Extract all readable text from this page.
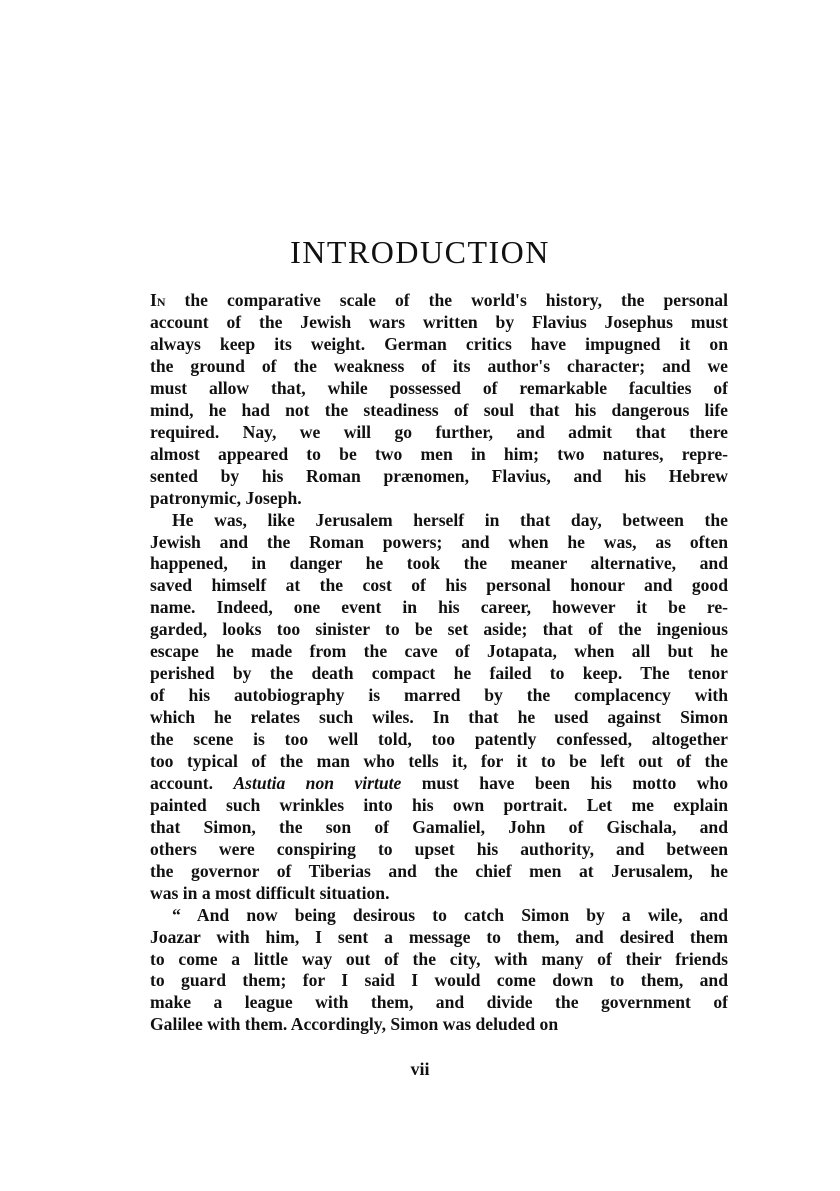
INTRODUCTION
In the comparative scale of the world's history, the personal
account of the Jewish wars written by Flavius Josephus must
always keep its weight. German critics have impugned it on
the ground of the weakness of its author's character; and we
must allow that, while possessed of remarkable faculties of
mind, he had not the steadiness of soul that his dangerous life
required. Nay, we will go further, and admit that there
almost appeared to be two men in him; two natures, repre-
sented by his Roman prænomen, Flavius, and his Hebrew
patronymic, Joseph.
He was, like Jerusalem herself in that day, between the
Jewish and the Roman powers; and when he was, as often
happened, in danger he took the meaner alternative, and
saved himself at the cost of his personal honour and good
name. Indeed, one event in his career, however it be re-
garded, looks too sinister to be set aside; that of the ingenious
escape he made from the cave of Jotapata, when all but he
perished by the death compact he failed to keep. The tenor
of his autobiography is marred by the complacency with
which he relates such wiles. In that he used against Simon
the scene is too well told, too patently confessed, altogether
too typical of the man who tells it, for it to be left out of the
account. Astutia non virtute must have been his motto who
painted such wrinkles into his own portrait. Let me explain
that Simon, the son of Gamaliel, John of Gischala, and
others were conspiring to upset his authority, and between
the governor of Tiberias and the chief men at Jerusalem, he
was in a most difficult situation.
“ And now being desirous to catch Simon by a wile, and
Joazar with him, I sent a message to them, and desired them
to come a little way out of the city, with many of their friends
to guard them; for I said I would come down to them, and
make a league with them, and divide the government of
Galilee with them. Accordingly, Simon was deluded on
vii
